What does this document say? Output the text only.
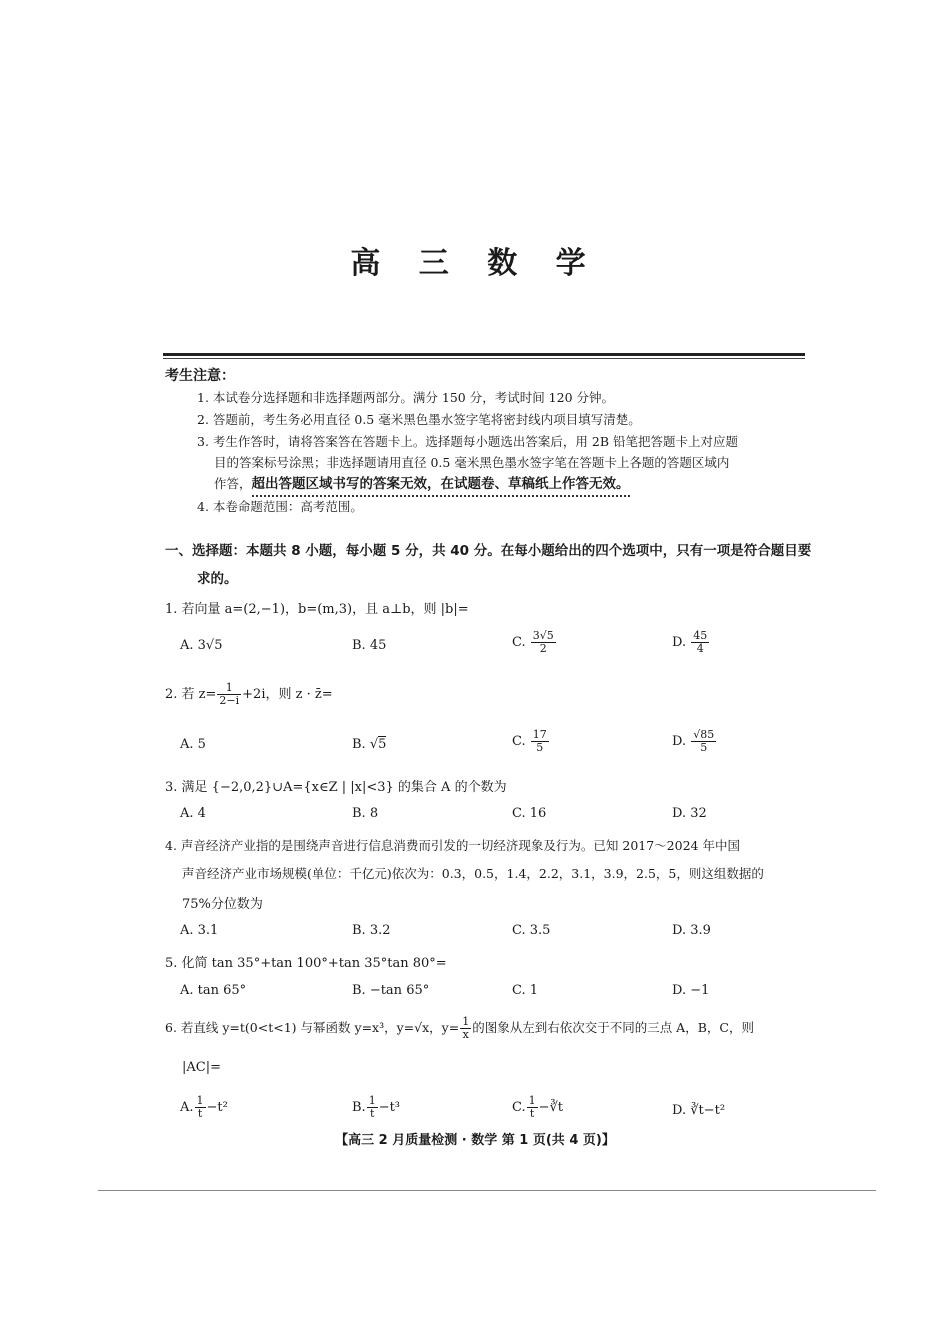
高 三 数 学
考生注意：
1. 本试卷分选择题和非选择题两部分。满分 150 分，考试时间 120 分钟。
2. 答题前，考生务必用直径 0.5 毫米黑色墨水签字笔将密封线内项目填写清楚。
3. 考生作答时，请将答案答在答题卡上。选择题每小题选出答案后，用 2B 铅笔把答题卡上对应题
目的答案标号涂黑；非选择题请用直径 0.5 毫米黑色墨水签字笔在答题卡上各题的答题区域内
作答，超出答题区域书写的答案无效，在试题卷、草稿纸上作答无效。
4. 本卷命题范围：高考范围。
一、选择题：本题共 8 小题，每小题 5 分，共 40 分。在每小题给出的四个选项中，只有一项是符合题目要
求的。
1. 若向量 a=(2,−1)，b=(m,3)，且 a⊥b，则 |b|=
A. 3√5	B. 45	C. $\frac{3√5}{2}$	D. $\frac{45}{4}$
2. 若 $z= \frac{1}{2-i} +2i$，则 z · z̄=
A. 5	B. √5	C. $\frac{17}{5}$	D. $\frac{√85}{5}$
3. 满足 {−2,0,2}∪A={x∈Z | |x|<3} 的集合 A 的个数为
A. 4	B. 8	C. 16	D. 32
4. 声音经济产业指的是围绕声音进行信息消费而引发的一切经济现象及行为。已知 2017～2024 年中国
声音经济产业市场规模(单位：千亿元)依次为：0.3，0.5，1.4，2.2，3.1，3.9，2.5，5，则这组数据的
75%分位数为
A. 3.1	B. 3.2	C. 3.5	D. 3.9
5. 化简 tan 35°+tan 100°+tan 35°tan 80°=
A. tan 65°	B. −tan 65°	C. 1	D. −1
6. 若直线 y=t(0<t<1) 与幂函数 y=x³，y=√x，$y= \frac{1}{x}$ 的图象从左到右依次交于不同的三点 A，B，C，则
|AC|=
A. $\frac{1}{t} -t^2$	B. $\frac{1}{t} -t^3$	C. $\frac{1}{t}$ −∛t	D. ∛t−t²
【高三 2 月质量检测 · 数学 第 1 页(共 4 页)】
